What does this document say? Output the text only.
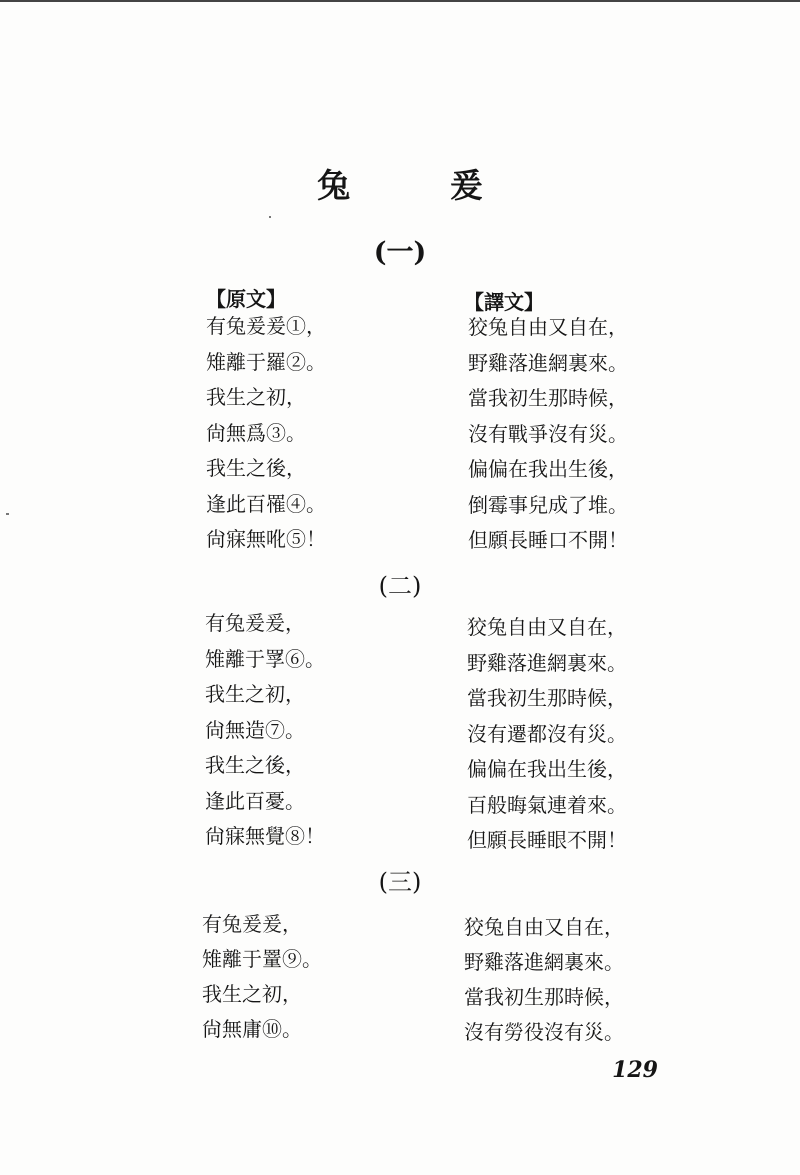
兔 爰
(一)
【原文】	【譯文】
有兔爰爰①，
雉離于羅②。
我生之初，
尙無爲③。
我生之後，
逢此百罹④。
尙寐無吪⑤！
狡兔自由又自在，
野雞落進網裏來。
當我初生那時候，
沒有戰爭沒有災。
偏偏在我出生後，
倒霉事兒成了堆。
但願長睡口不開！
(二)
有兔爰爰，
雉離于罦⑥。
我生之初，
尙無造⑦。
我生之後，
逢此百憂。
尙寐無覺⑧！
狡兔自由又自在，
野雞落進網裏來。
當我初生那時候，
沒有遷都沒有災。
偏偏在我出生後，
百般晦氣連着來。
但願長睡眼不開！
(三)
有兔爰爰，
雉離于罿⑨。
我生之初，
尙無庸⑩。
狡兔自由又自在，
野雞落進網裏來。
當我初生那時候，
沒有勞役沒有災。
129
